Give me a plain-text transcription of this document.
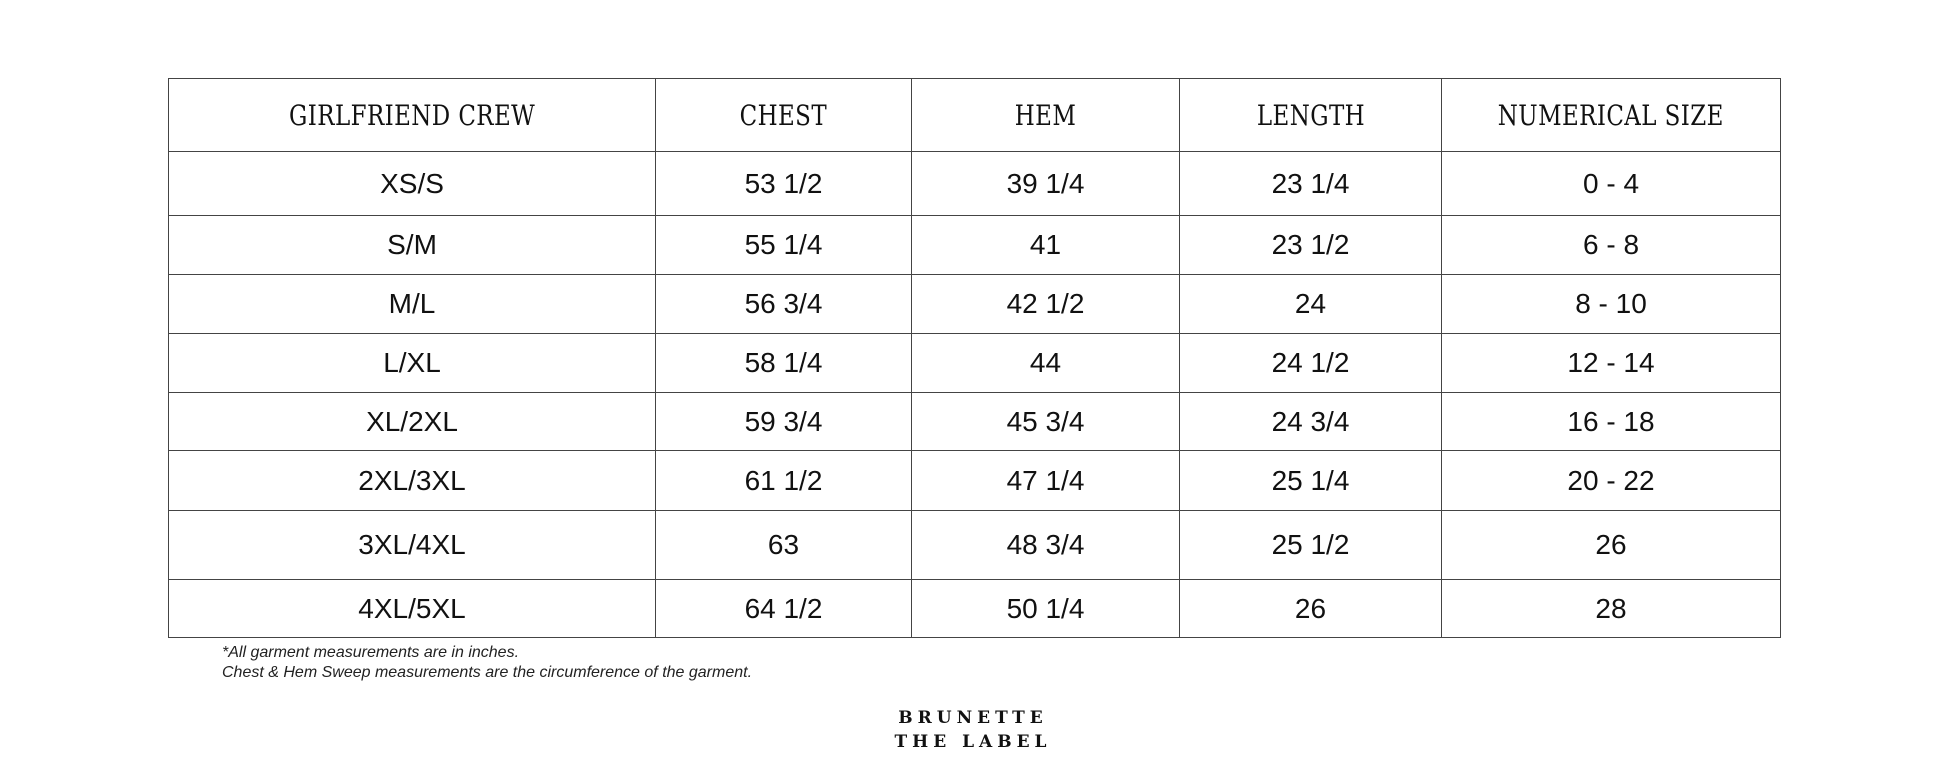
GIRLFRIEND CREW	CHEST	HEM	LENGTH	NUMERICAL SIZE
XS/S	53 1/2	39 1/4	23 1/4	0 - 4
S/M	55 1/4	41	23 1/2	6 - 8
M/L	56 3/4	42 1/2	24	8 - 10
L/XL	58 1/4	44	24 1/2	12 - 14
XL/2XL	59 3/4	45 3/4	24 3/4	16 - 18
2XL/3XL	61 1/2	47 1/4	25 1/4	20 - 22
3XL/4XL	63	48 3/4	25 1/2	26
4XL/5XL	64 1/2	50 1/4	26	28
*All garment measurements are in inches.
Chest & Hem Sweep measurements are the circumference of the garment.
BRUNETTE
THE LABEL
